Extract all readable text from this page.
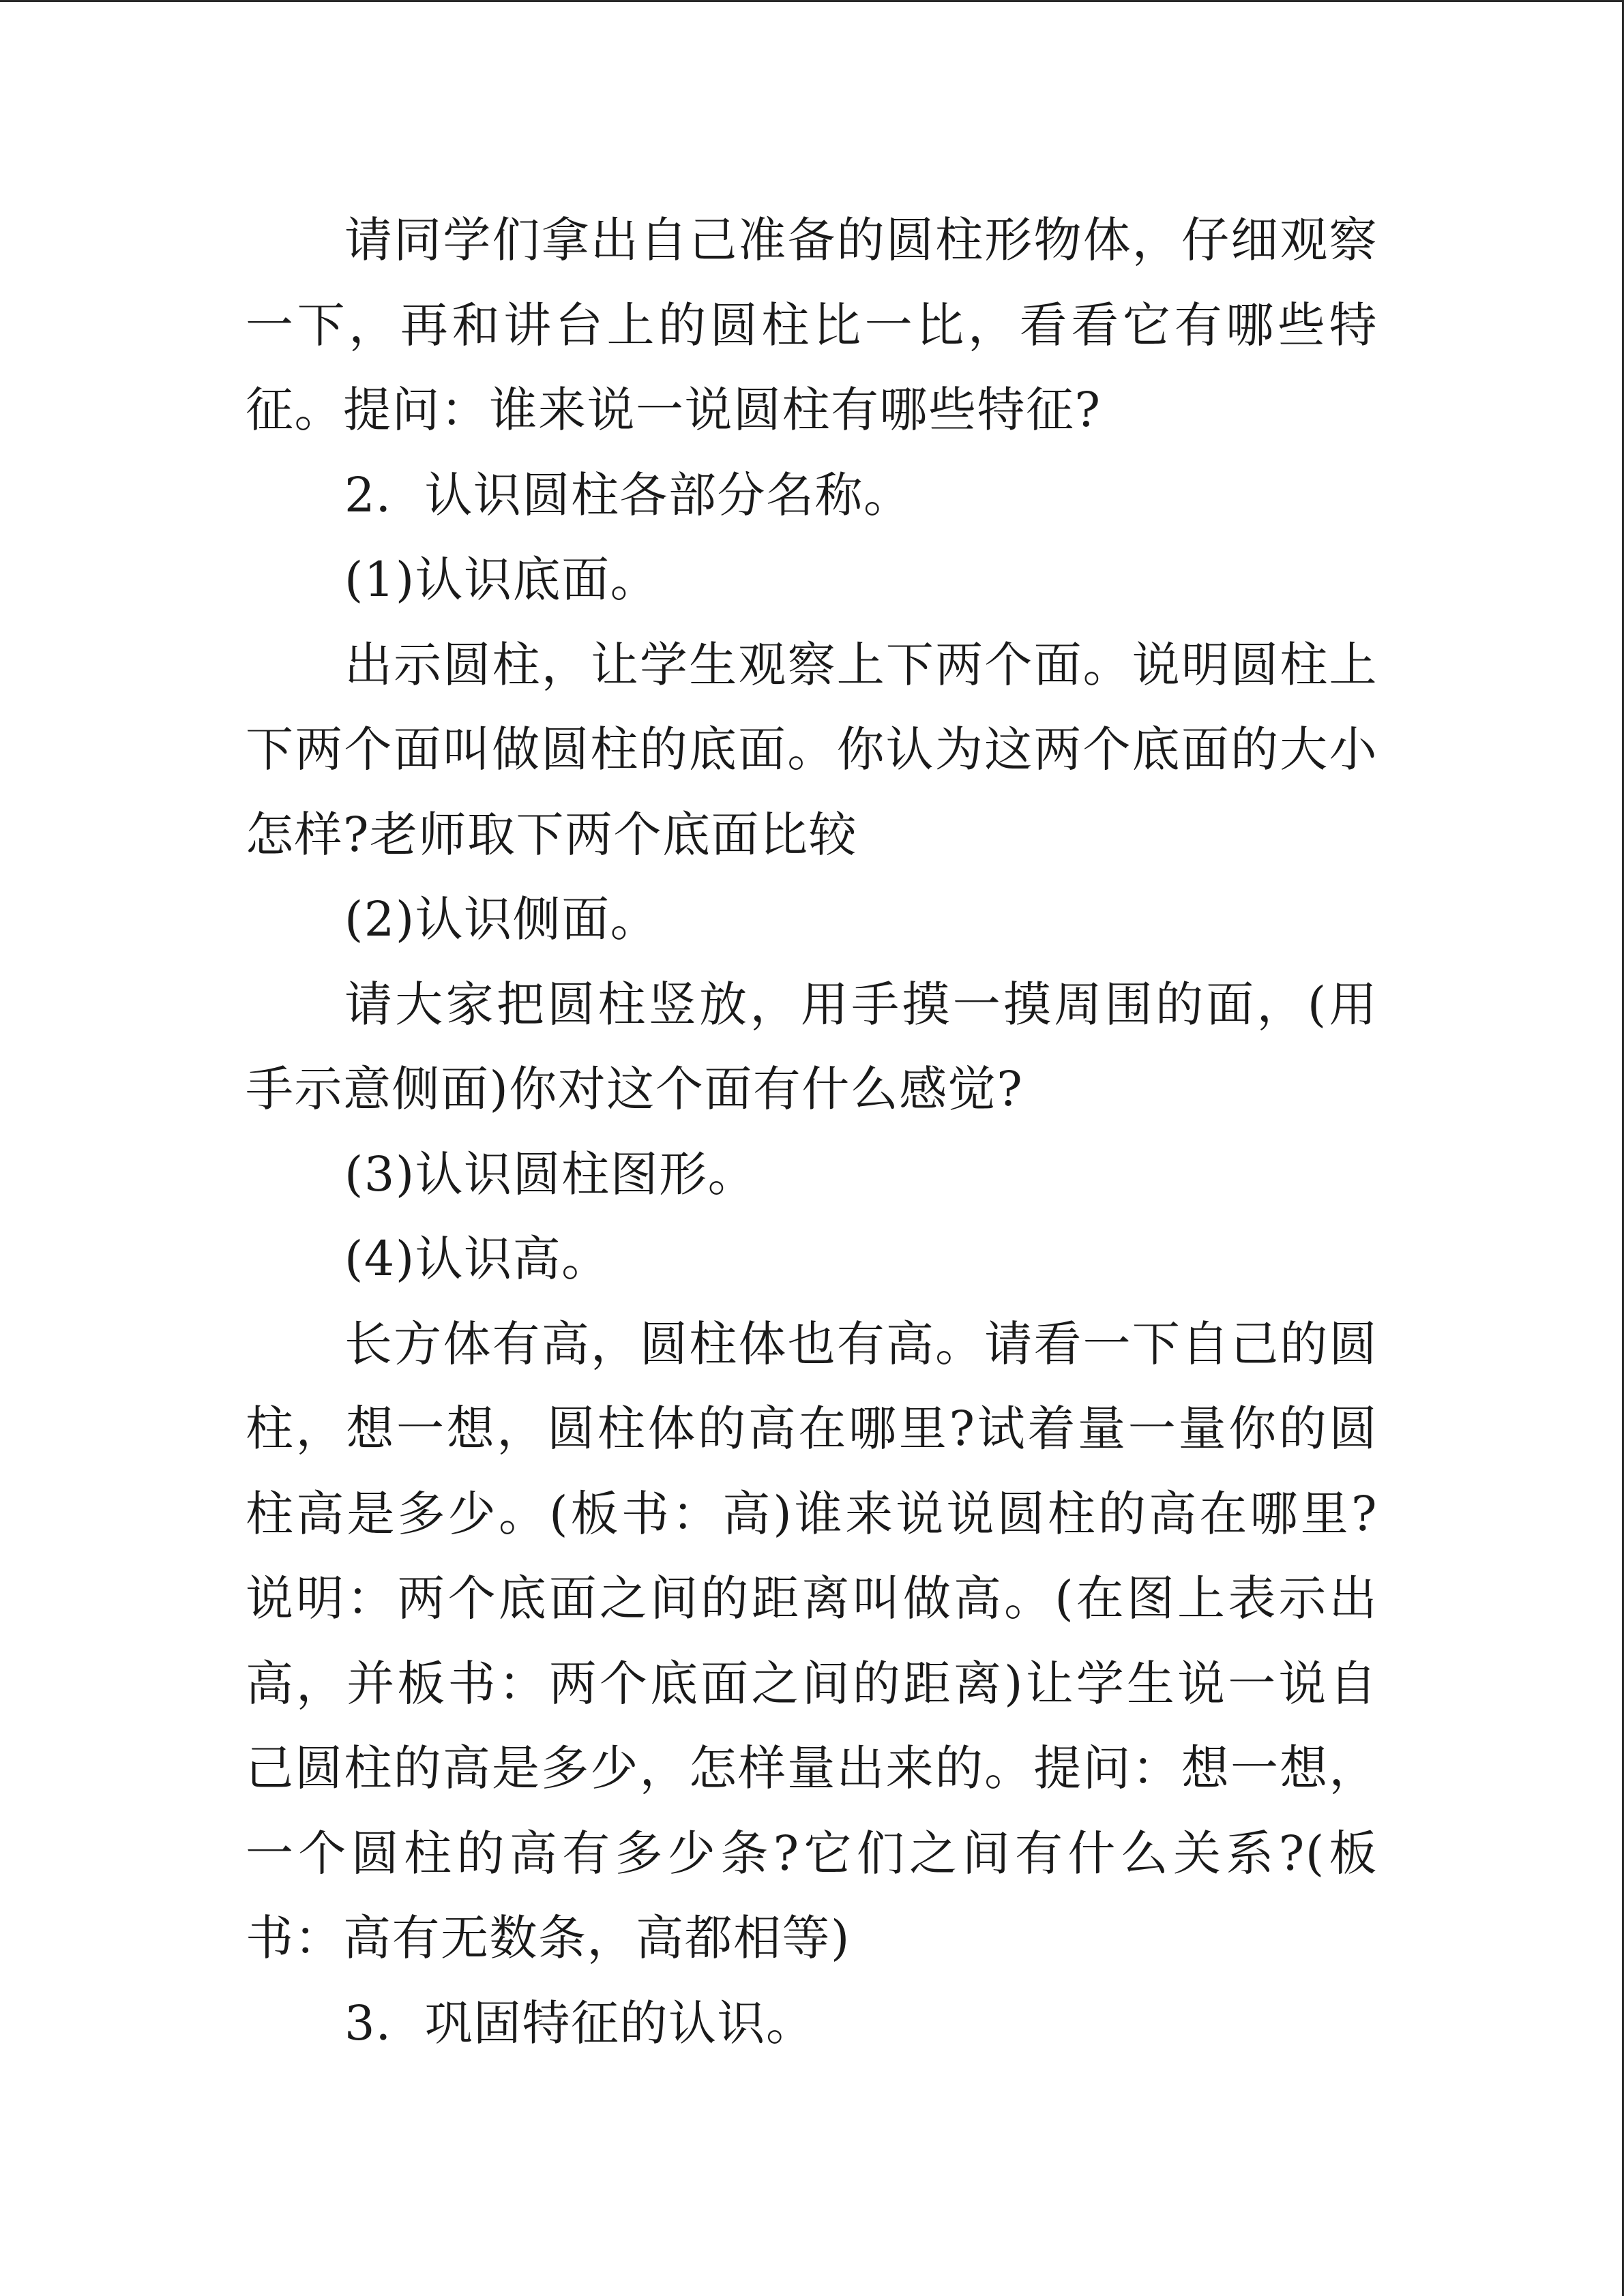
请同学们拿出自己准备的圆柱形物体，仔细观察一下，再和讲台上的圆柱比一比，看看它有哪些特征。提问：谁来说一说圆柱有哪些特征?

2．认识圆柱各部分名称。

(1)认识底面。

出示圆柱，让学生观察上下两个面。说明圆柱上下两个面叫做圆柱的底面。你认为这两个底面的大小怎样?老师取下两个底面比较

(2)认识侧面。

请大家把圆柱竖放，用手摸一摸周围的面，(用手示意侧面)你对这个面有什么感觉?

(3)认识圆柱图形。

(4)认识高。

长方体有高，圆柱体也有高。请看一下自己的圆柱，想一想，圆柱体的高在哪里?试着量一量你的圆柱高是多少。(板书：高)谁来说说圆柱的高在哪里?说明：两个底面之间的距离叫做高。(在图上表示出高，并板书：两个底面之间的距离)让学生说一说自己圆柱的高是多少，怎样量出来的。提问：想一想，一个圆柱的高有多少条?它们之间有什么关系?(板书：高有无数条，高都相等)

3．巩固特征的认识。
